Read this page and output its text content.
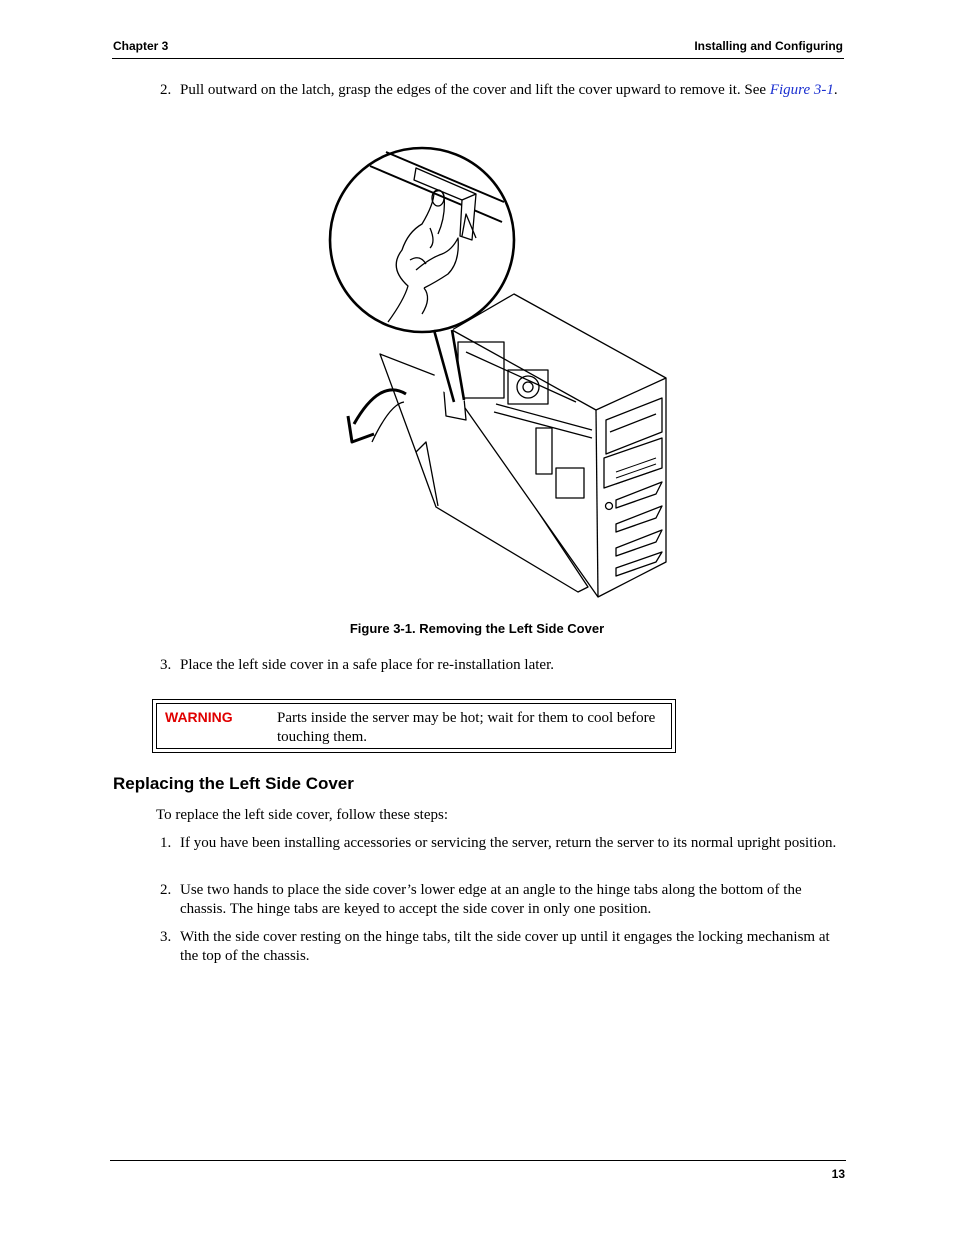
Chapter 3	Installing and Configuring
2. Pull outward on the latch, grasp the edges of the cover and lift the cover upward to remove it. See Figure 3-1.
Figure 3-1. Removing the Left Side Cover
3. Place the left side cover in a safe place for re-installation later.
WARNING	Parts inside the server may be hot; wait for them to cool before touching them.
Replacing the Left Side Cover
To replace the left side cover, follow these steps:
1. If you have been installing accessories or servicing the server, return the server to its normal upright position.
2. Use two hands to place the side cover’s lower edge at an angle to the hinge tabs along the bottom of the chassis. The hinge tabs are keyed to accept the side cover in only one position.
3. With the side cover resting on the hinge tabs, tilt the side cover up until it engages the locking mechanism at the top of the chassis.
13
